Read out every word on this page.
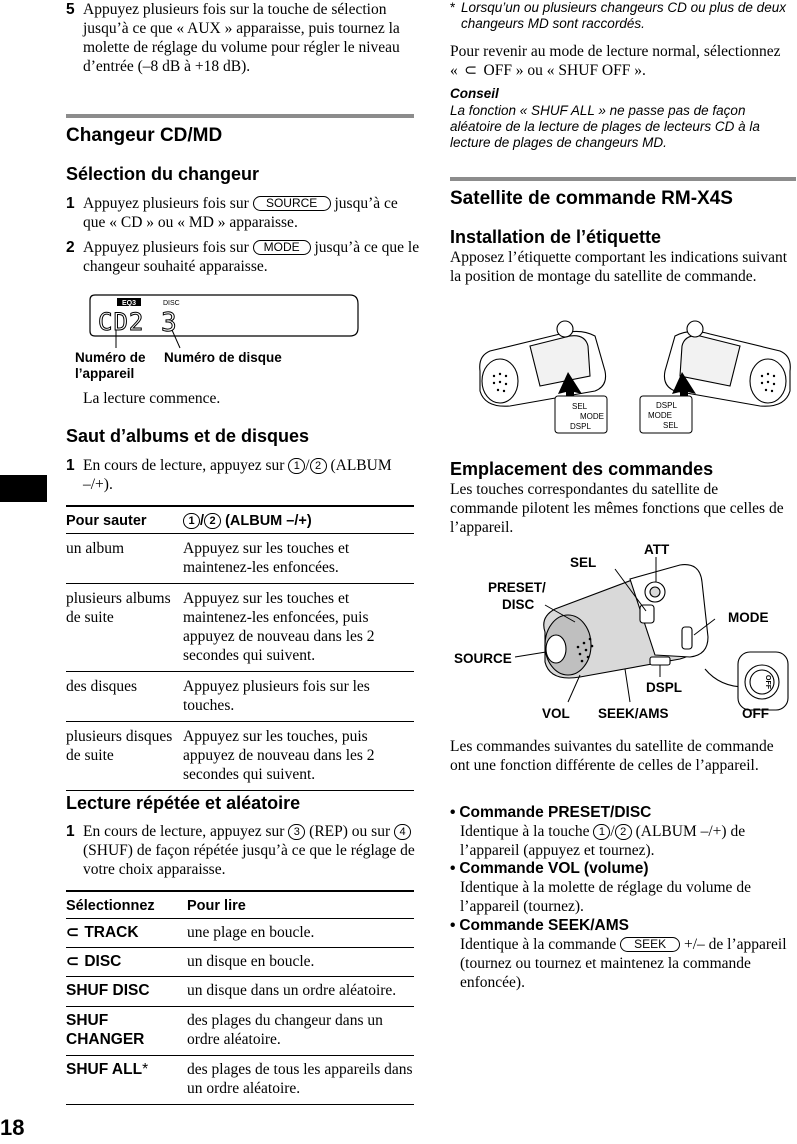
18
5 Appuyez plusieurs fois sur la touche de sélection jusqu’à ce que « AUX » apparaisse, puis tournez la molette de réglage du volume pour régler le niveau d’entrée (–8 dB à +18 dB).
Changeur CD/MD
Sélection du changeur
1 Appuyez plusieurs fois sur SOURCE jusqu’à ce que « CD » ou « MD » apparaisse.
2 Appuyez plusieurs fois sur MODE jusqu’à ce que le changeur souhaité apparaisse.
EQ3	DISC
CD2 3
Numéro de l’appareil
Numéro de disque
La lecture commence.
Saut d’albums et de disques
1 En cours de lecture, appuyez sur 1 / 2 (ALBUM –/+).
Pour sauter	1 / 2 (ALBUM –/+)
un album	Appuyez sur les touches et maintenez-les enfoncées.
plusieurs albums de suite	Appuyez sur les touches et maintenez-les enfoncées, puis appuyez de nouveau dans les 2 secondes qui suivent.
des disques	Appuyez plusieurs fois sur les touches.
plusieurs disques de suite	Appuyez sur les touches, puis appuyez de nouveau dans les 2 secondes qui suivent.
Lecture répétée et aléatoire
1 En cours de lecture, appuyez sur 3 (REP) ou sur 4 (SHUF) de façon répétée jusqu’à ce que le réglage de votre choix apparaisse.
Sélectionnez	Pour lire
⊂ TRACK	une plage en boucle.
⊂ DISC	un disque en boucle.
SHUF DISC	un disque dans un ordre aléatoire.
SHUF CHANGER	des plages du changeur dans un ordre aléatoire.
SHUF ALL*	des plages de tous les appareils dans un ordre aléatoire.
* Lorsqu’un ou plusieurs changeurs CD ou plus de deux changeurs MD sont raccordés.
Pour revenir au mode de lecture normal, sélectionnez « ⊂ OFF » ou « SHUF OFF ».
Conseil
La fonction « SHUF ALL » ne passe pas de façon aléatoire de la lecture de plages de lecteurs CD à la lecture de plages de changeurs MD.
Satellite de commande RM-X4S
Installation de l’étiquette
Apposez l’étiquette comportant les indications suivant la position de montage du satellite de commande.
SEL
MODE
DSPL
DSPL
MODE
SEL
Emplacement des commandes
Les touches correspondantes du satellite de commande pilotent les mêmes fonctions que celles de l’appareil.
OFF
ATT
SEL
PRESET/
DISC
MODE
SOURCE
DSPL
VOL SEEK/AMS	OFF
Les commandes suivantes du satellite de commande ont une fonction différente de celles de l’appareil.
• Commande PRESET/DISC
Identique à la touche 1 / 2 (ALBUM –/+) de l’appareil (appuyez et tournez).
• Commande VOL (volume)
Identique à la molette de réglage du volume de l’appareil (tournez).
• Commande SEEK/AMS
Identique à la commande SEEK +/– de l’appareil (tournez ou tournez et maintenez la commande enfoncée).
